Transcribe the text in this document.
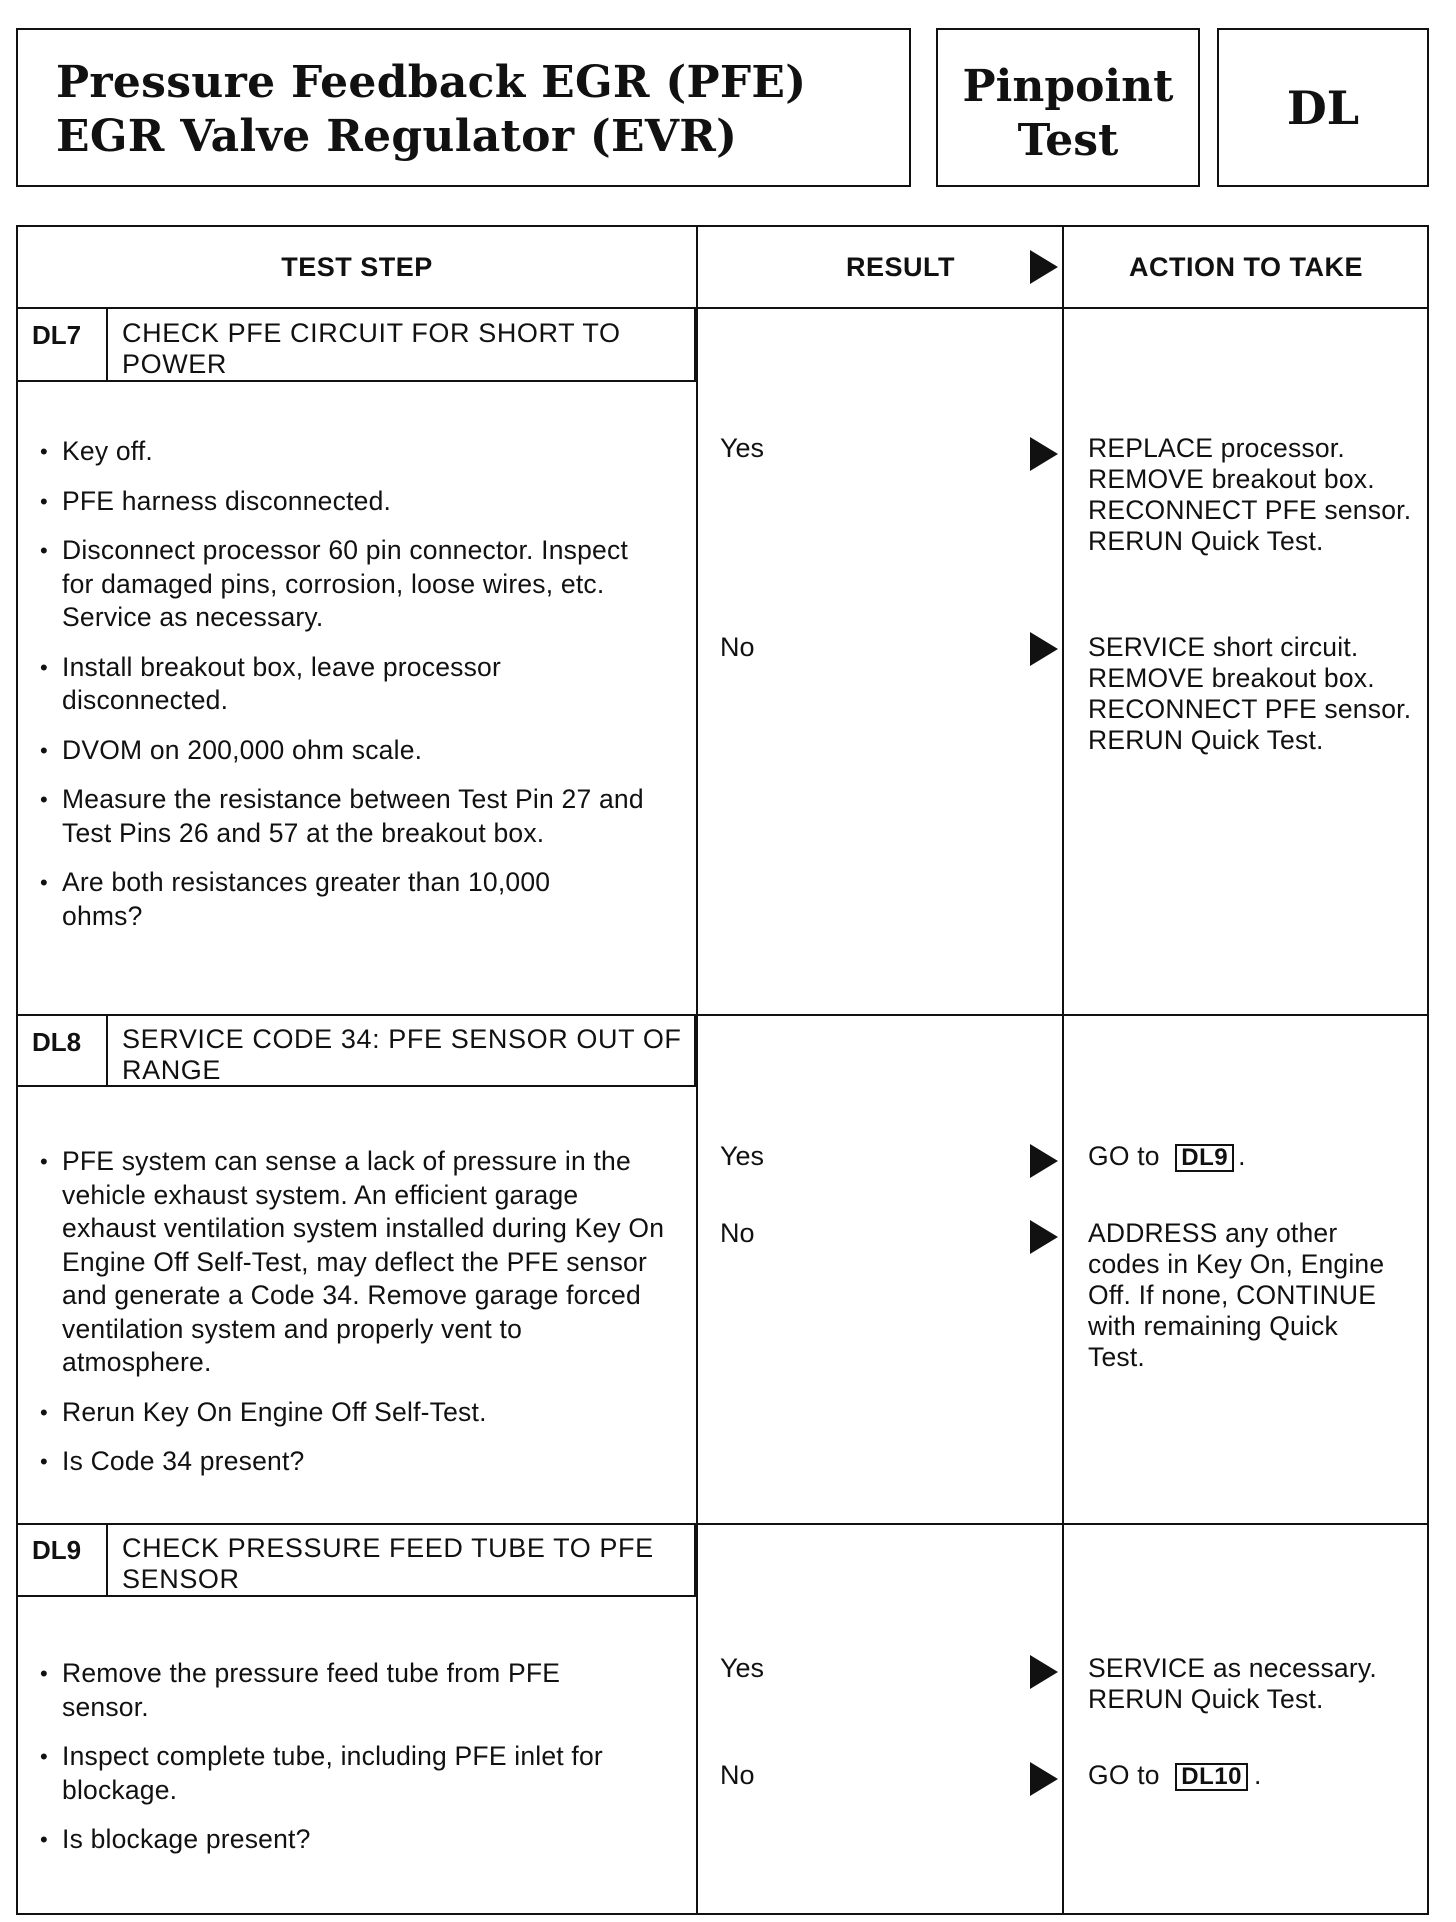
Pressure Feedback EGR (PFE)
EGR Valve Regulator (EVR)
Pinpoint
Test
DL
TEST STEP	RESULT	ACTION TO TAKE
DL7 CHECK PFE CIRCUIT FOR SHORT TO POWER
• Key off.
• PFE harness disconnected.
• Disconnect processor 60 pin connector. Inspect for damaged pins, corrosion, loose wires, etc. Service as necessary.
• Install breakout box, leave processor disconnected.
• DVOM on 200,000 ohm scale.
• Measure the resistance between Test Pin 27 and Test Pins 26 and 57 at the breakout box.
• Are both resistances greater than 10,000 ohms?
Yes	REPLACE processor. REMOVE breakout box. RECONNECT PFE sensor. RERUN Quick Test.
No	SERVICE short circuit. REMOVE breakout box. RECONNECT PFE sensor. RERUN Quick Test.
DL8 SERVICE CODE 34: PFE SENSOR OUT OF RANGE
• PFE system can sense a lack of pressure in the vehicle exhaust system. An efficient garage exhaust ventilation system installed during Key On Engine Off Self-Test, may deflect the PFE sensor and generate a Code 34. Remove garage forced ventilation system and properly vent to atmosphere.
• Rerun Key On Engine Off Self-Test.
• Is Code 34 present?
Yes	GO to DL9 .
No	ADDRESS any other codes in Key On, Engine Off. If none, CONTINUE with remaining Quick Test.
DL9 CHECK PRESSURE FEED TUBE TO PFE SENSOR
• Remove the pressure feed tube from PFE sensor.
• Inspect complete tube, including PFE inlet for blockage.
• Is blockage present?
Yes	SERVICE as necessary. RERUN Quick Test.
No	GO to DL10 .
